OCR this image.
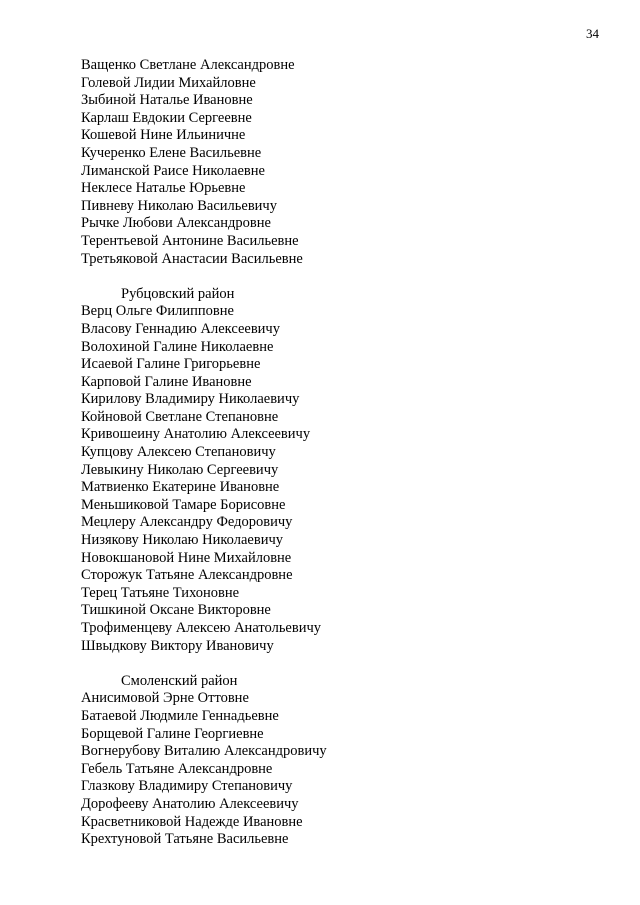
34
Ващенко Светлане Александровне
Голевой Лидии Михайловне
Зыбиной Наталье Ивановне
Карлаш Евдокии Сергеевне
Кошевой Нине Ильиничне
Кучеренко Елене Васильевне
Лиманской Раисе Николаевне
Неклесе Наталье Юрьевне
Пивневу Николаю Васильевичу
Рычке Любови Александровне
Терентьевой Антонине Васильевне
Третьяковой Анастасии Васильевне
Рубцовский район
Верц Ольге Филипповне
Власову Геннадию Алексеевичу
Волохиной Галине Николаевне
Исаевой Галине Григорьевне
Карповой Галине Ивановне
Кирилову Владимиру Николаевичу
Койновой Светлане Степановне
Кривошеину Анатолию Алексеевичу
Купцову Алексею Степановичу
Левыкину Николаю Сергеевичу
Матвиенко Екатерине Ивановне
Меньшиковой Тамаре Борисовне
Мецлеру Александру Федоровичу
Низякову Николаю Николаевичу
Новокшановой Нине Михайловне
Сторожук Татьяне Александровне
Терец Татьяне Тихоновне
Тишкиной Оксане Викторовне
Трофименцеву Алексею Анатольевичу
Швыдкову Виктору Ивановичу
Смоленский район
Анисимовой Эрне Оттовне
Батаевой Людмиле Геннадьевне
Борщевой Галине Георгиевне
Вогнерубову Виталию Александровичу
Гебель Татьяне Александровне
Глазкову Владимиру Степановичу
Дорофееву Анатолию Алексеевичу
Красветниковой Надежде Ивановне
Крехтуновой Татьяне Васильевне
